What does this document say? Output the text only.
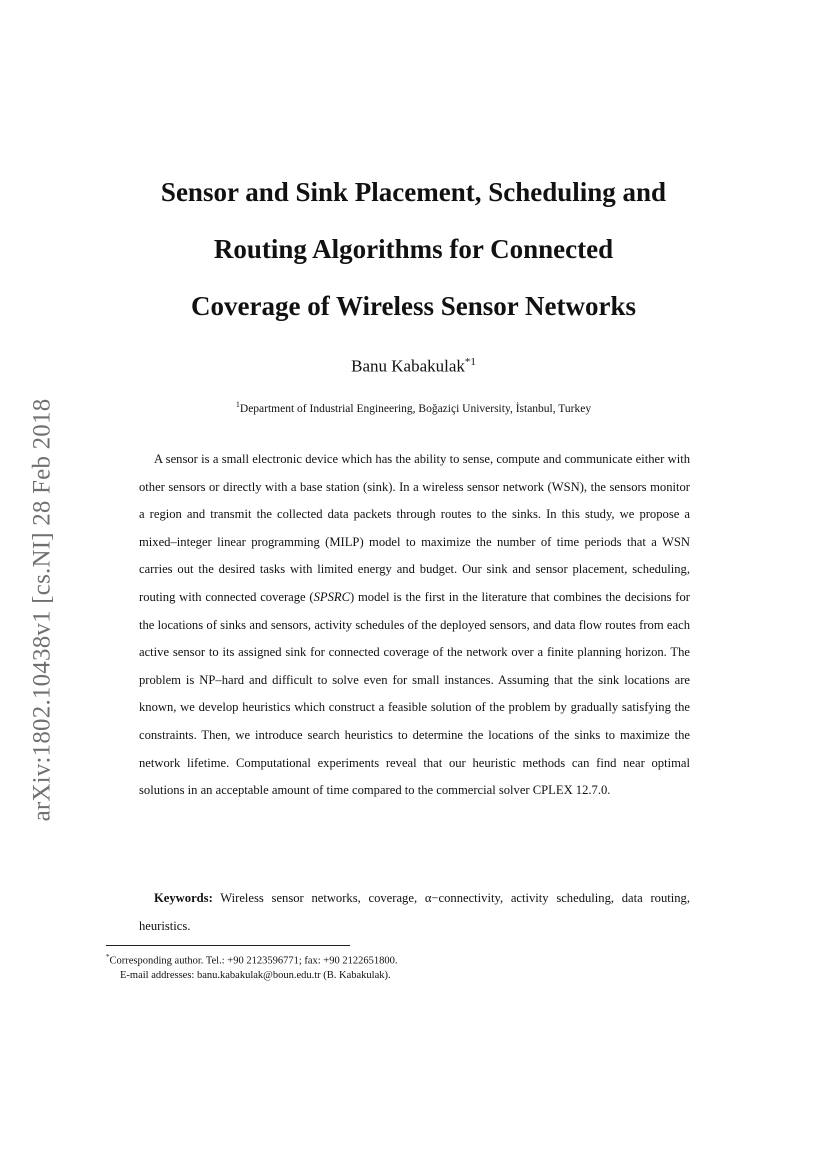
arXiv:1802.10438v1 [cs.NI] 28 Feb 2018
Sensor and Sink Placement, Scheduling and
Routing Algorithms for Connected
Coverage of Wireless Sensor Networks
Banu Kabakulak$^{*1}$
$^1$Department of Industrial Engineering, Boğaziçi University, İstanbul, Turkey

A sensor is a small electronic device which has the ability to sense, compute and communicate either with other sensors or directly with a base station (sink). In a wireless sensor network (WSN), the sensors monitor a region and transmit the collected data packets through routes to the sinks. In this study, we propose a mixed–integer linear programming (MILP) model to maximize the number of time periods that a WSN carries out the desired tasks with limited energy and budget. Our sink and sensor placement, scheduling, routing with connected coverage (SPSRC) model is the first in the literature that combines the decisions for the locations of sinks and sensors, activity schedules of the deployed sensors, and data flow routes from each active sensor to its assigned sink for connected coverage of the network over a finite planning horizon. The problem is NP–hard and difficult to solve even for small instances. Assuming that the sink locations are known, we develop heuristics which construct a feasible solution of the problem by gradually satisfying the constraints. Then, we introduce search heuristics to determine the locations of the sinks to maximize the network lifetime. Computational experiments reveal that our heuristic methods can find near optimal solutions in an acceptable amount of time compared to the commercial solver CPLEX 12.7.0.

Keywords: Wireless sensor networks, coverage, α−connectivity, activity scheduling, data routing, heuristics.

*Corresponding author. Tel.: +90 2123596771; fax: +90 2122651800.
E-mail addresses: banu.kabakulak@boun.edu.tr (B. Kabakulak).
